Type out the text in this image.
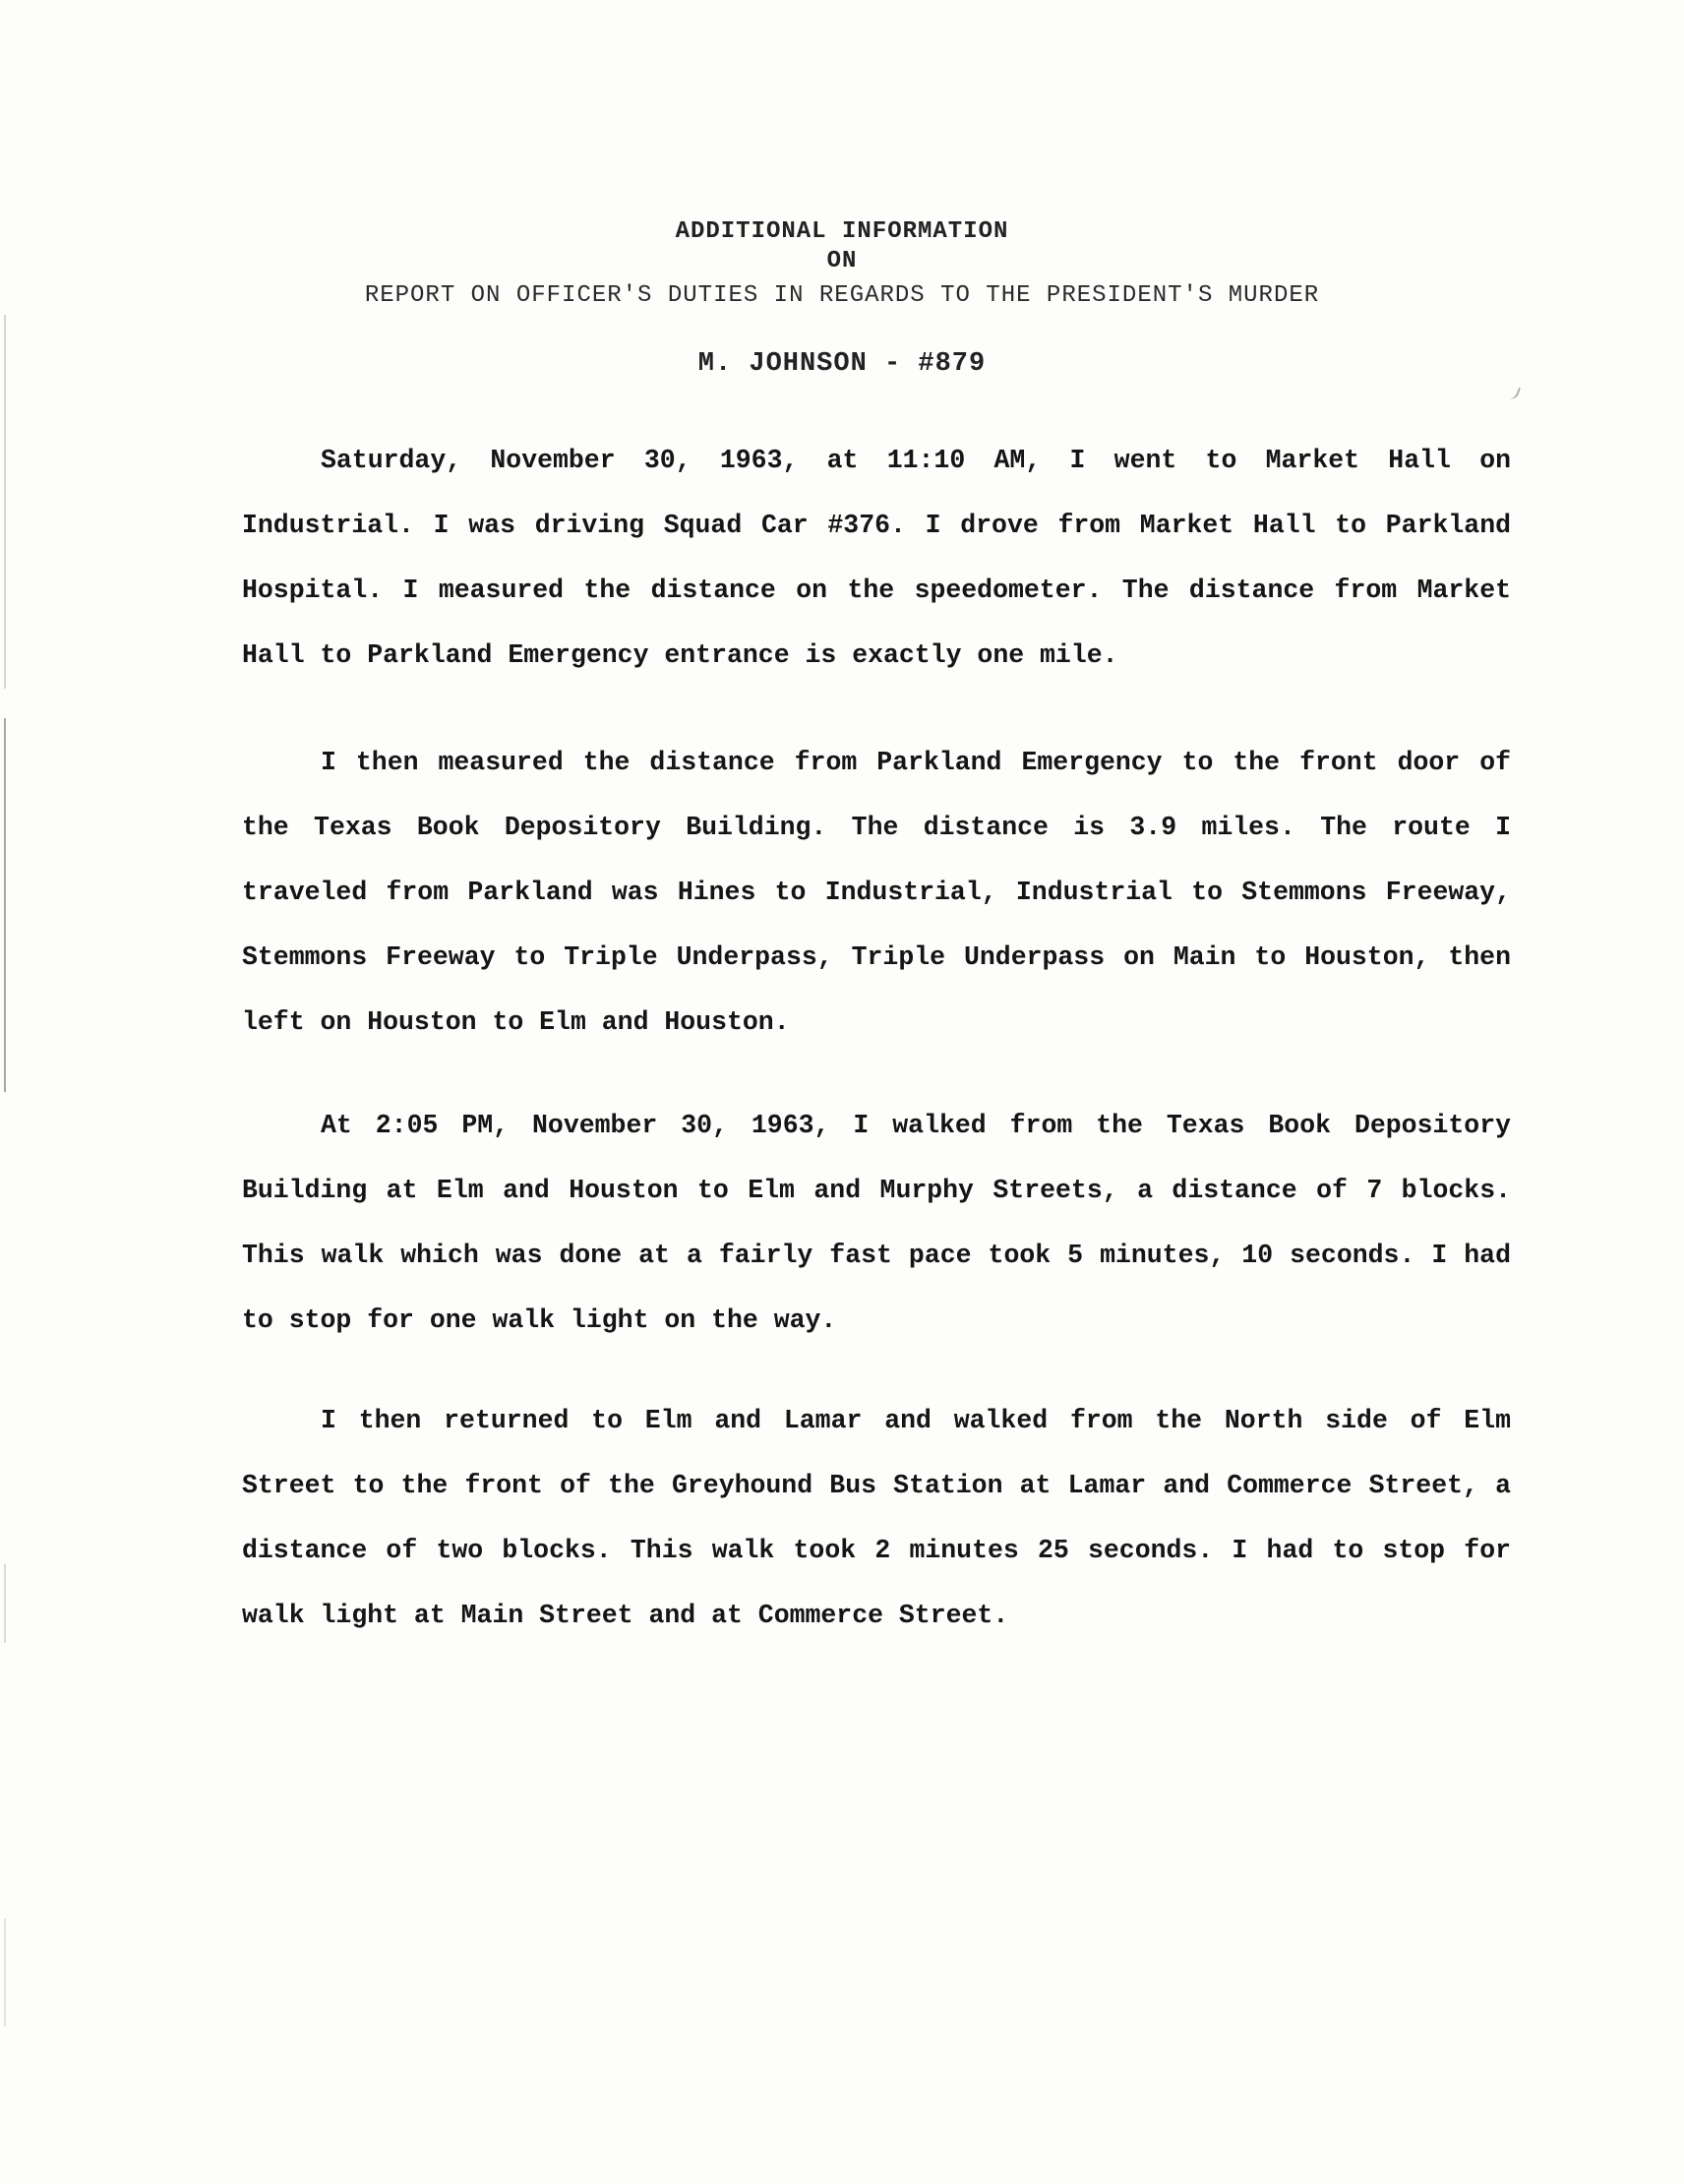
ADDITIONAL INFORMATION
ON
REPORT ON OFFICER'S DUTIES IN REGARDS TO THE PRESIDENT'S MURDER
M. JOHNSON - #879

Saturday, November 30, 1963, at 11:10 AM, I went to Market Hall on Industrial. I was driving Squad Car #376. I drove from Market Hall to Parkland Hospital. I measured the distance on the speedometer. The distance from Market Hall to Parkland Emergency entrance is exactly one mile.

I then measured the distance from Parkland Emergency to the front door of the Texas Book Depository Building. The distance is 3.9 miles. The route I traveled from Parkland was Hines to Industrial, Industrial to Stemmons Freeway, Stemmons Freeway to Triple Underpass, Triple Underpass on Main to Houston, then left on Houston to Elm and Houston.

At 2:05 PM, November 30, 1963, I walked from the Texas Book Depository Building at Elm and Houston to Elm and Murphy Streets, a distance of 7 blocks. This walk which was done at a fairly fast pace took 5 minutes, 10 seconds. I had to stop for one walk light on the way.

I then returned to Elm and Lamar and walked from the North side of Elm Street to the front of the Greyhound Bus Station at Lamar and Commerce Street, a distance of two blocks. This walk took 2 minutes 25 seconds. I had to stop for walk light at Main Street and at Commerce Street.
